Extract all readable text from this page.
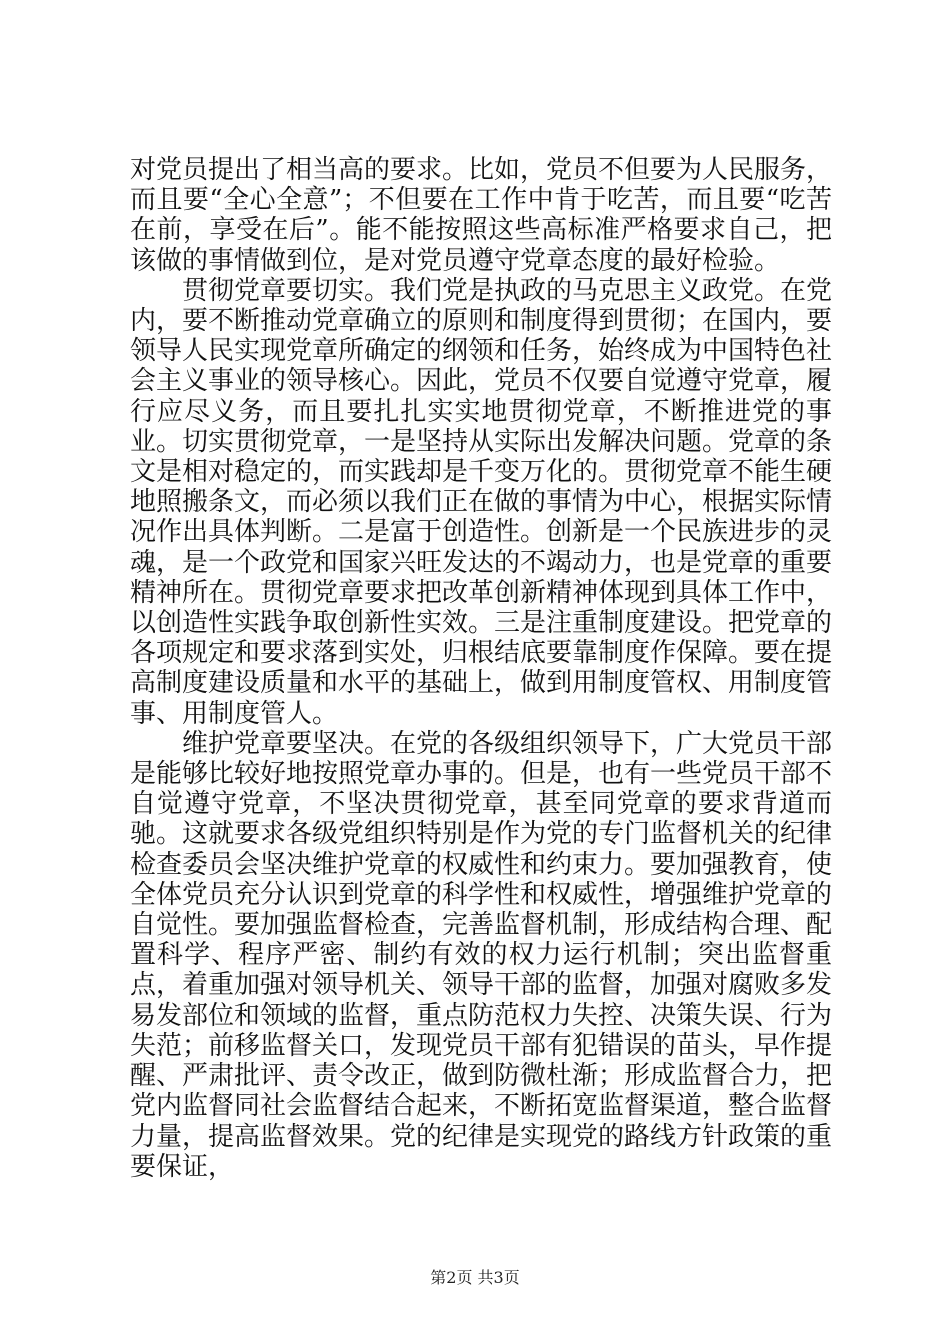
对党员提出了相当高的要求。比如，党员不但要为人民服务，而且要“全心全意”；不但要在工作中肯于吃苦，而且要“吃苦在前，享受在后”。能不能按照这些高标准严格要求自己，把该做的事情做到位，是对党员遵守党章态度的最好检验。

贯彻党章要切实。我们党是执政的马克思主义政党。在党内，要不断推动党章确立的原则和制度得到贯彻；在国内，要领导人民实现党章所确定的纲领和任务，始终成为中国特色社会主义事业的领导核心。因此，党员不仅要自觉遵守党章，履行应尽义务，而且要扎扎实实地贯彻党章，不断推进党的事业。切实贯彻党章，一是坚持从实际出发解决问题。党章的条文是相对稳定的，而实践却是千变万化的。贯彻党章不能生硬地照搬条文，而必须以我们正在做的事情为中心，根据实际情况作出具体判断。二是富于创造性。创新是一个民族进步的灵魂，是一个政党和国家兴旺发达的不竭动力，也是党章的重要精神所在。贯彻党章要求把改革创新精神体现到具体工作中，以创造性实践争取创新性实效。三是注重制度建设。把党章的各项规定和要求落到实处，归根结底要靠制度作保障。要在提高制度建设质量和水平的基础上，做到用制度管权、用制度管事、用制度管人。

维护党章要坚决。在党的各级组织领导下，广大党员干部是能够比较好地按照党章办事的。但是，也有一些党员干部不自觉遵守党章，不坚决贯彻党章，甚至同党章的要求背道而驰。这就要求各级党组织特别是作为党的专门监督机关的纪律检查委员会坚决维护党章的权威性和约束力。要加强教育，使全体党员充分认识到党章的科学性和权威性，增强维护党章的自觉性。要加强监督检查，完善监督机制，形成结构合理、配置科学、程序严密、制约有效的权力运行机制；突出监督重点，着重加强对领导机关、领导干部的监督，加强对腐败多发易发部位和领域的监督，重点防范权力失控、决策失误、行为失范；前移监督关口，发现党员干部有犯错误的苗头，早作提醒、严肃批评、责令改正，做到防微杜渐；形成监督合力，把党内监督同社会监督结合起来，不断拓宽监督渠道，整合监督力量，提高监督效果。党的纪律是实现党的路线方针政策的重要保证，

第2页 共3页
